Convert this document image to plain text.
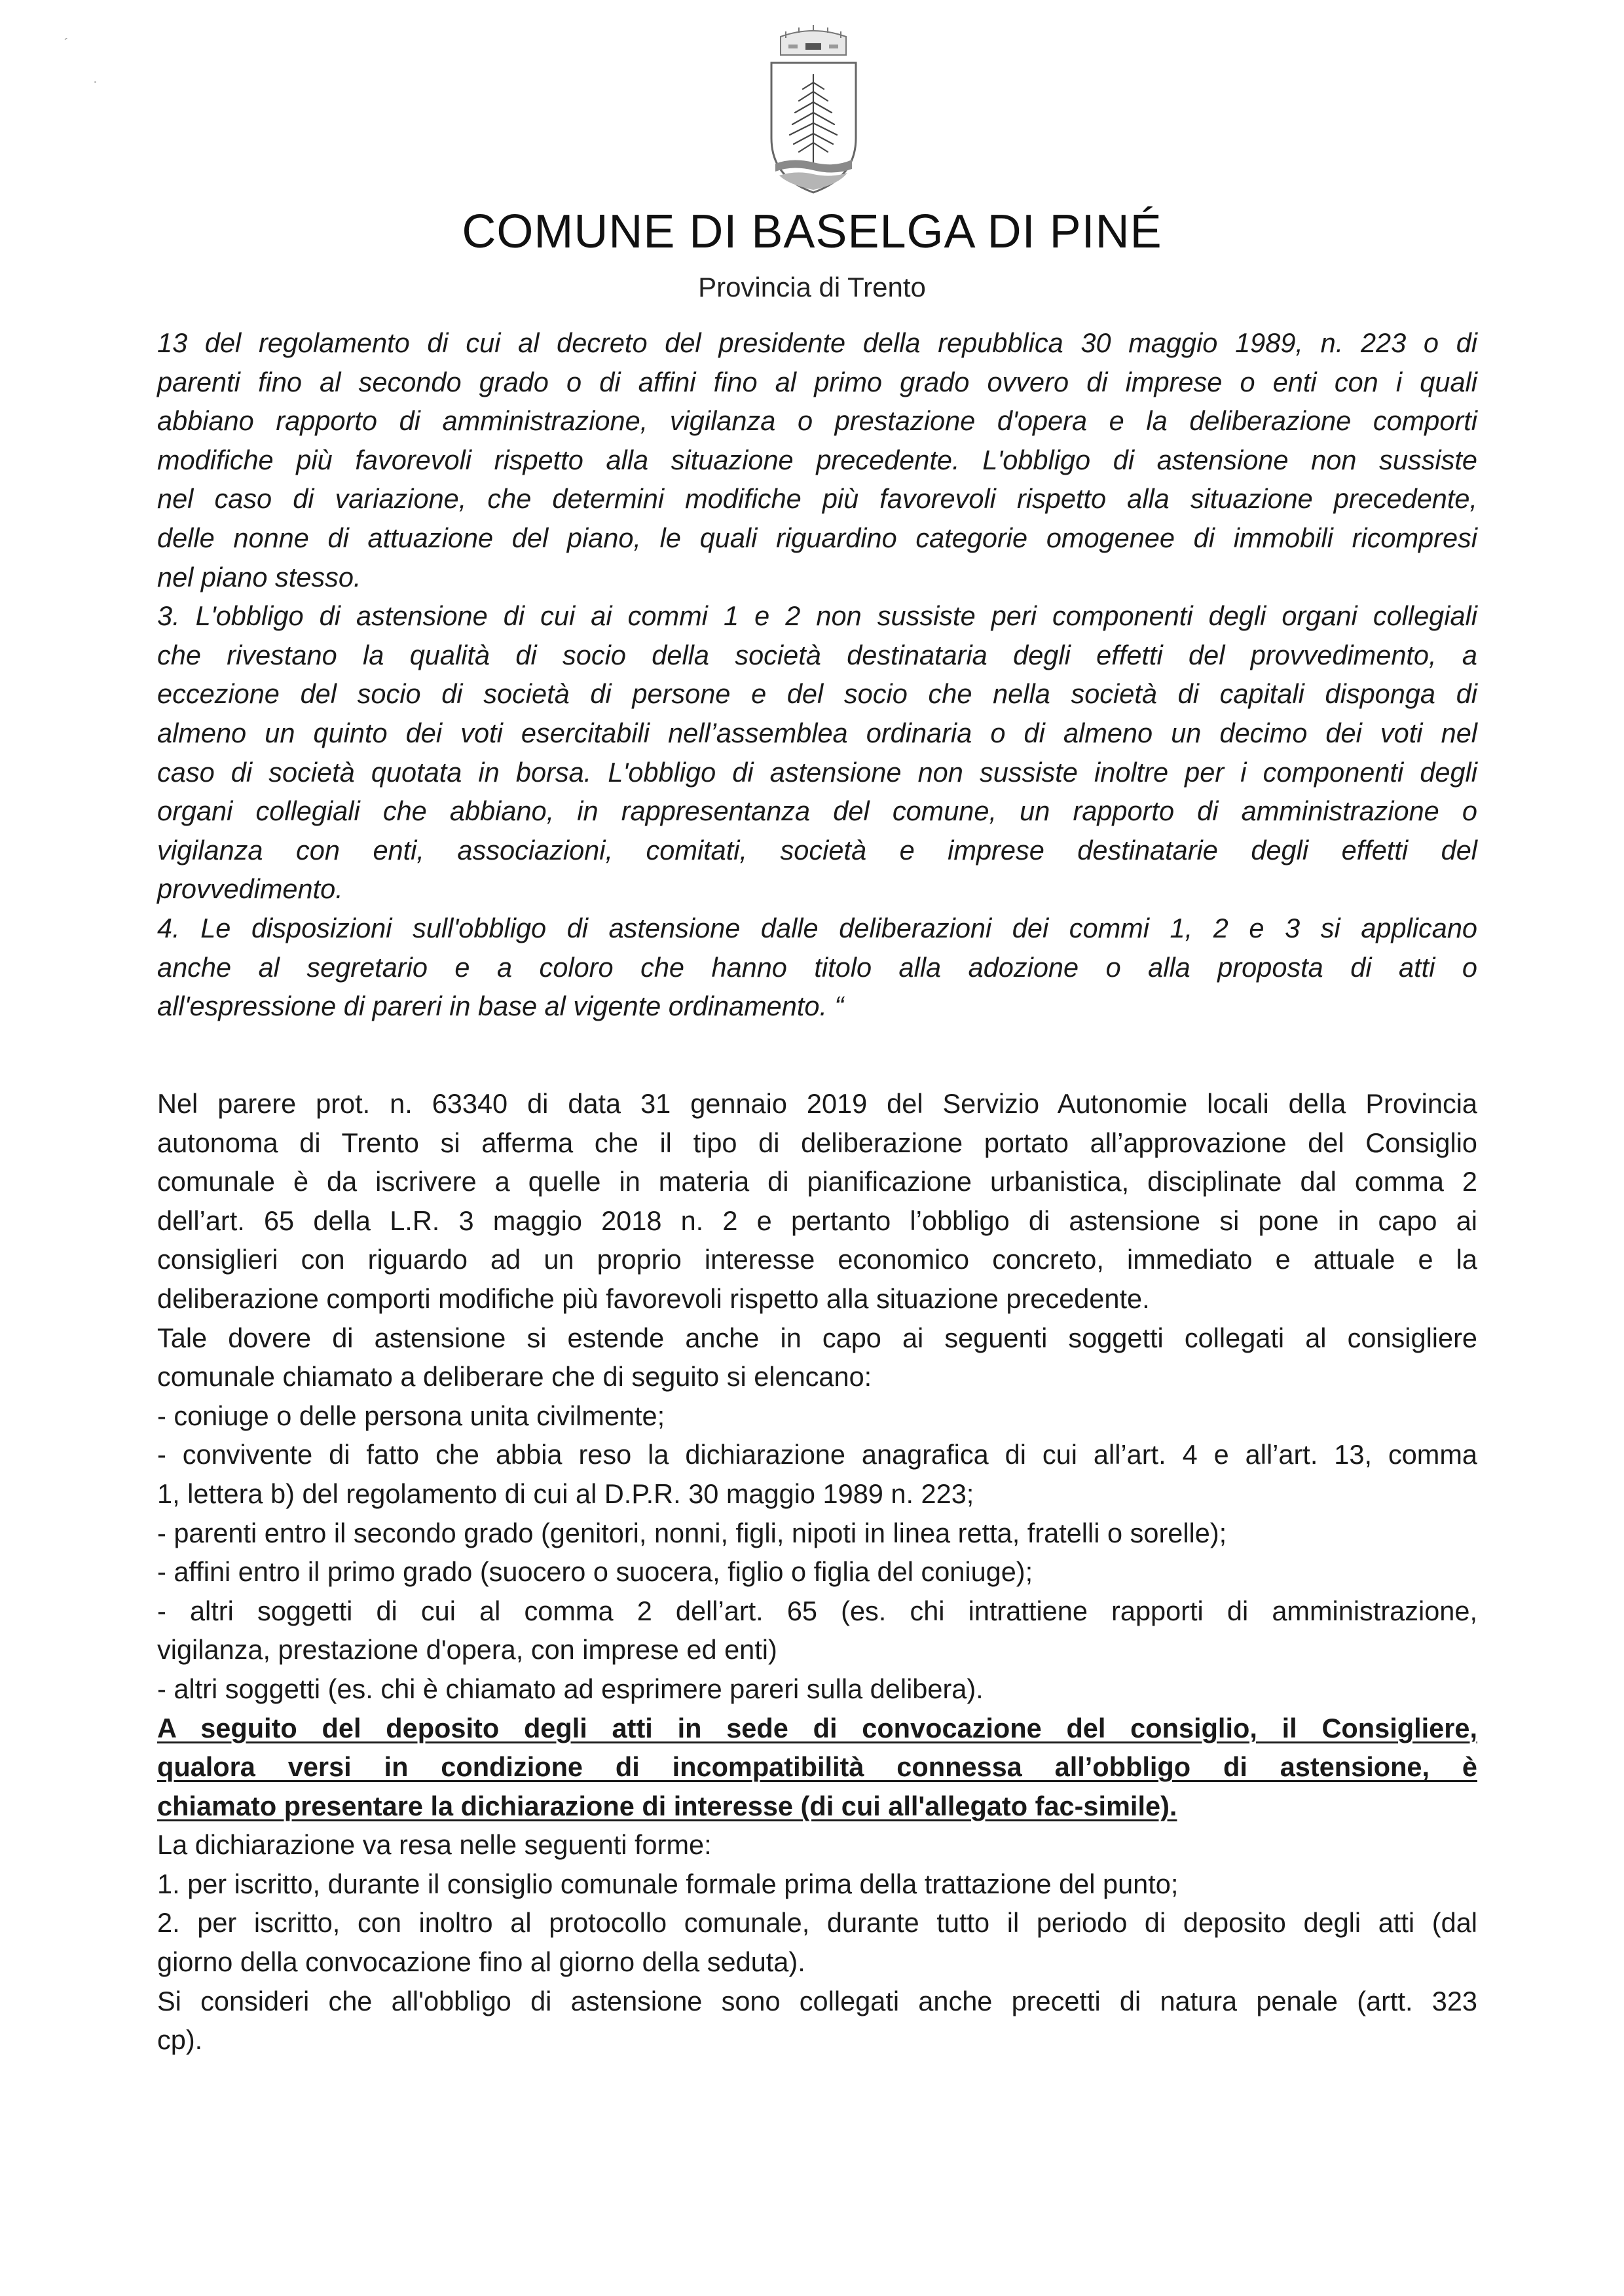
´
·
COMUNE DI BASELGA DI PINÉ
Provincia di Trento

13 del regolamento di cui al decreto del presidente della repubblica 30 maggio 1989, n. 223 o di

parenti fino al secondo grado o di affini fino al primo grado ovvero di imprese o enti con i quali

abbiano rapporto di amministrazione, vigilanza o prestazione d'opera e la deliberazione comporti

modifiche più favorevoli rispetto alla situazione precedente. L'obbligo di astensione non sussiste

nel caso di variazione, che determini modifiche più favorevoli rispetto alla situazione precedente,

delle nonne di attuazione del piano, le quali riguardino categorie omogenee di immobili ricompresi

nel piano stesso.

3. L'obbligo di astensione di cui ai commi 1 e 2 non sussiste peri componenti degli organi collegiali

che rivestano la qualità di socio della società destinataria degli effetti del provvedimento, a

eccezione del socio di società di persone e del socio che nella società di capitali disponga di

almeno un quinto dei voti esercitabili nell’assemblea ordinaria o di almeno un decimo dei voti nel

caso di società quotata in borsa. L'obbligo di astensione non sussiste inoltre per i componenti degli

organi collegiali che abbiano, in rappresentanza del comune, un rapporto di amministrazione o

vigilanza con enti, associazioni, comitati, società e imprese destinatarie degli effetti del

provvedimento.

4. Le disposizioni sull'obbligo di astensione dalle deliberazioni dei commi 1, 2 e 3 si applicano

anche al segretario e a coloro che hanno titolo alla adozione o alla proposta di atti o

all'espressione di pareri in base al vigente ordinamento. “

Nel parere prot. n. 63340 di data 31 gennaio 2019 del Servizio Autonomie locali della Provincia

autonoma di Trento si afferma che il tipo di deliberazione portato all’approvazione del Consiglio

comunale è da iscrivere a quelle in materia di pianificazione urbanistica, disciplinate dal comma 2

dell’art. 65 della L.R. 3 maggio 2018 n. 2 e pertanto l’obbligo di astensione si pone in capo ai

consiglieri con riguardo ad un proprio interesse economico concreto, immediato e attuale e la

deliberazione comporti modifiche più favorevoli rispetto alla situazione precedente.

Tale dovere di astensione si estende anche in capo ai seguenti soggetti collegati al consigliere

comunale chiamato a deliberare che di seguito si elencano:

- coniuge o delle persona unita civilmente;

- convivente di fatto che abbia reso la dichiarazione anagrafica di cui all’art. 4 e all’art. 13, comma

1, lettera b) del regolamento di cui al D.P.R. 30 maggio 1989 n. 223;

- parenti entro il secondo grado (genitori, nonni, figli, nipoti in linea retta, fratelli o sorelle);

- affini entro il primo grado (suocero o suocera, figlio o figlia del coniuge);

- altri soggetti di cui al comma 2 dell’art. 65 (es. chi intrattiene rapporti di amministrazione,

vigilanza, prestazione d'opera, con imprese ed enti)

- altri soggetti (es. chi è chiamato ad esprimere pareri sulla delibera).

A seguito del deposito degli atti in sede di convocazione del consiglio, il Consigliere,

qualora versi in condizione di incompatibilità connessa all’obbligo di astensione, è

chiamato presentare la dichiarazione di interesse (di cui all'allegato fac-simile).

La dichiarazione va resa nelle seguenti forme:

1. per iscritto, durante il consiglio comunale formale prima della trattazione del punto;

2. per iscritto, con inoltro al protocollo comunale, durante tutto il periodo di deposito degli atti (dal

giorno della convocazione fino al giorno della seduta).

Si consideri che all'obbligo di astensione sono collegati anche precetti di natura penale (artt. 323

cp).
